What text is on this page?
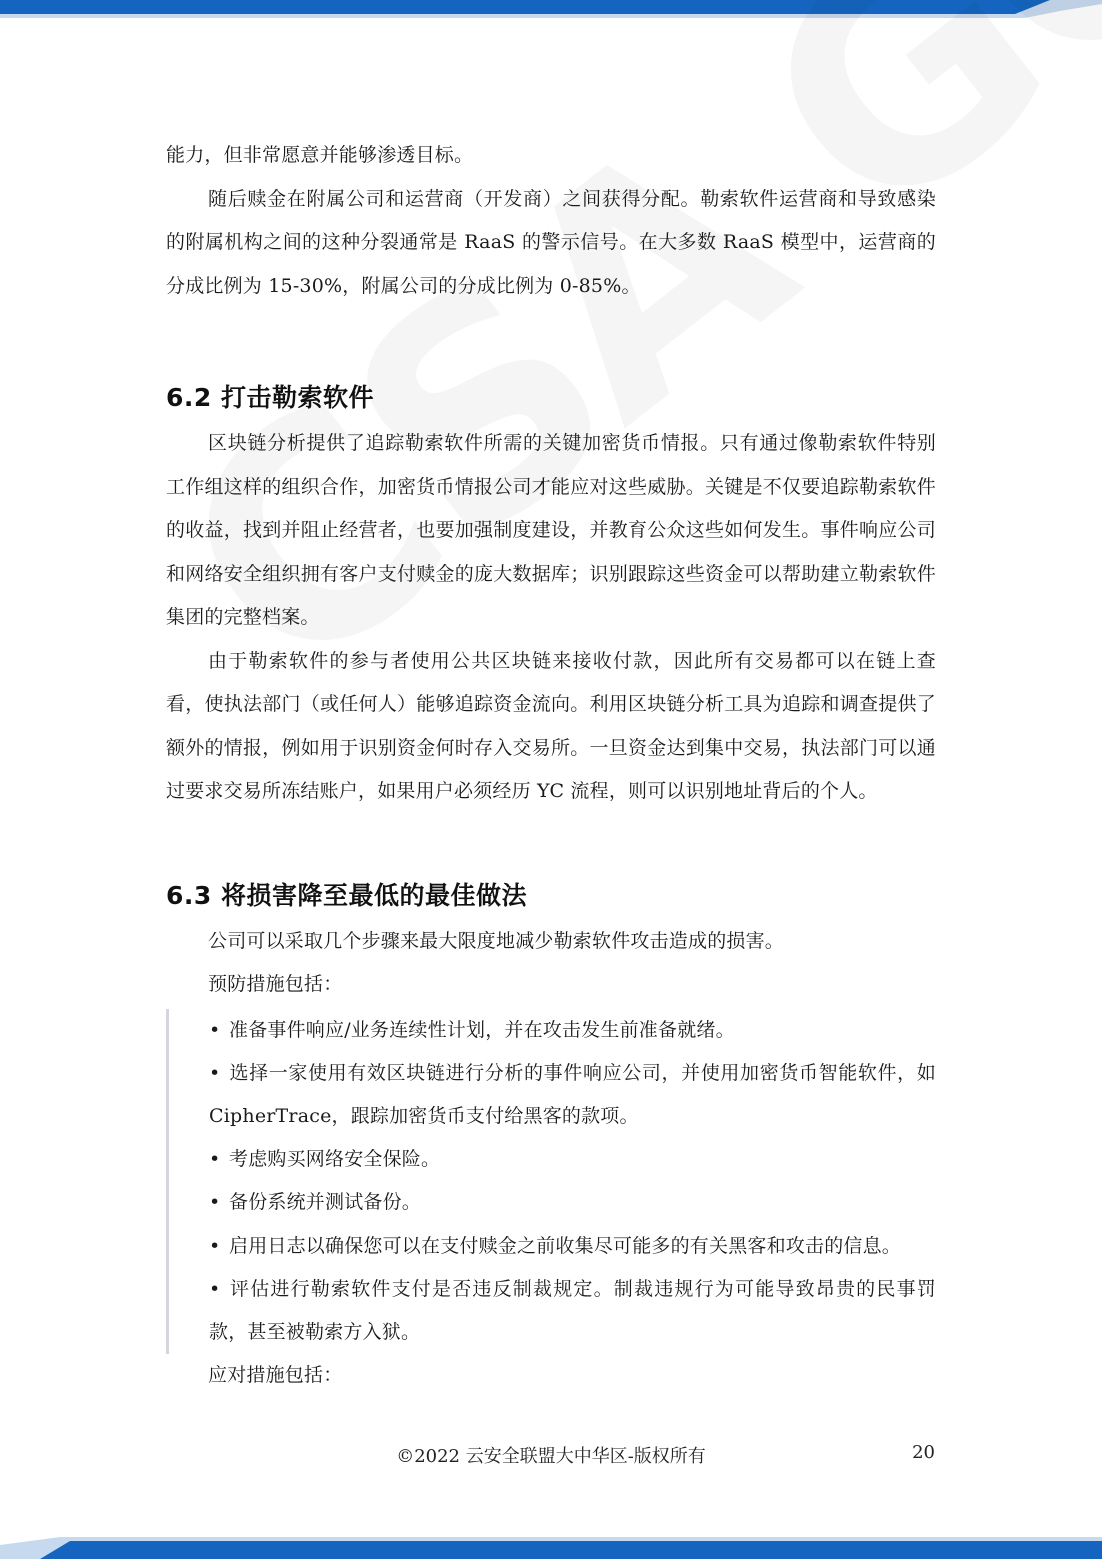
能力，但非常愿意并能够渗透目标。

随后赎金在附属公司和运营商（开发商）之间获得分配。勒索软件运营商和导致感染的附属机构之间的这种分裂通常是 RaaS 的警示信号。在大多数 RaaS 模型中，运营商的分成比例为 15-30%，附属公司的分成比例为 0-85%。

6.2 打击勒索软件

区块链分析提供了追踪勒索软件所需的关键加密货币情报。只有通过像勒索软件特别工作组这样的组织合作，加密货币情报公司才能应对这些威胁。关键是不仅要追踪勒索软件的收益，找到并阻止经营者，也要加强制度建设，并教育公众这些如何发生。事件响应公司和网络安全组织拥有客户支付赎金的庞大数据库；识别跟踪这些资金可以帮助建立勒索软件集团的完整档案。

由于勒索软件的参与者使用公共区块链来接收付款，因此所有交易都可以在链上查看，使执法部门（或任何人）能够追踪资金流向。利用区块链分析工具为追踪和调查提供了额外的情报，例如用于识别资金何时存入交易所。一旦资金达到集中交易，执法部门可以通过要求交易所冻结账户，如果用户必须经历 YC 流程，则可以识别地址背后的个人。

6.3 将损害降至最低的最佳做法

公司可以采取几个步骤来最大限度地减少勒索软件攻击造成的损害。

预防措施包括：

• 准备事件响应/业务连续性计划，并在攻击发生前准备就绪。

• 选择一家使用有效区块链进行分析的事件响应公司，并使用加密货币智能软件，如 CipherTrace，跟踪加密货币支付给黑客的款项。

• 考虑购买网络安全保险。

• 备份系统并测试备份。

• 启用日志以确保您可以在支付赎金之前收集尽可能多的有关黑客和攻击的信息。

• 评估进行勒索软件支付是否违反制裁规定。制裁违规行为可能导致昂贵的民事罚款，甚至被勒索方入狱。

应对措施包括：

©2022 云安全联盟大中华区-版权所有	20
